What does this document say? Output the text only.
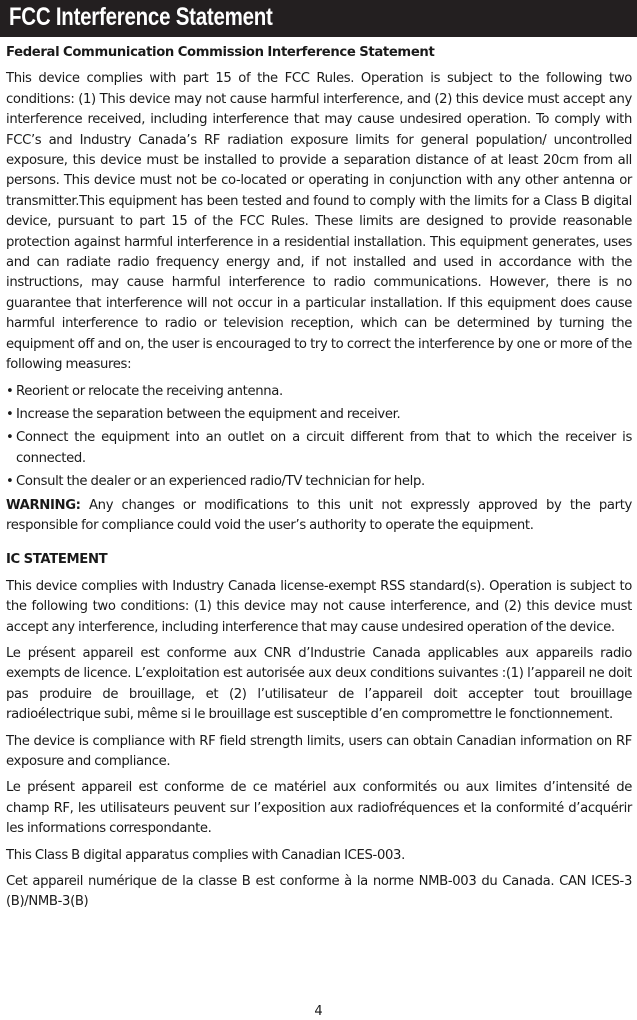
FCC Interference Statement
Federal Communication Commission Interference Statement

This device complies with part 15 of the FCC Rules. Operation is subject to the following two conditions: (1) This device may not cause harmful interference, and (2) this device must accept any interference received, including interference that may cause undesired operation. To comply with FCC’s and Industry Canada’s RF radiation exposure limits for general population/ uncontrolled exposure, this device must be installed to provide a separation distance of at least 20cm from all persons. This device must not be co-located or operating in conjunction with any other antenna or transmitter.This equipment has been tested and found to comply with the limits for a Class B digital device, pursuant to part 15 of the FCC Rules. These limits are designed to provide reasonable protection against harmful interference in a residential installation. This equipment generates, uses and can radiate radio frequency energy and, if not installed and used in accordance with the instructions, may cause harmful interference to radio communications. However, there is no guarantee that interference will not occur in a particular installation. If this equipment does cause harmful interference to radio or television reception, which can be determined by turning the equipment off and on, the user is encouraged to try to correct the interference by one or more of the following measures:

• Reorient or relocate the receiving antenna.
• Increase the separation between the equipment and receiver.
• Connect the equipment into an outlet on a circuit different from that to which the receiver is connected.
• Consult the dealer or an experienced radio/TV technician for help.

WARNING: Any changes or modifications to this unit not expressly approved by the party responsible for compliance could void the user’s authority to operate the equipment.

IC STATEMENT

This device complies with Industry Canada license-exempt RSS standard(s). Operation is subject to the following two conditions: (1) this device may not cause interference, and (2) this device must accept any interference, including interference that may cause undesired operation of the device.

Le présent appareil est conforme aux CNR d’Industrie Canada applicables aux appareils radio exempts de licence. L’exploitation est autorisée aux deux conditions suivantes :(1) l’appareil ne doit pas produire de brouillage, et (2) l’utilisateur de l’appareil doit accepter tout brouillage radioélectrique subi, même si le brouillage est susceptible d’en compromettre le fonctionnement.

The device is compliance with RF field strength limits, users can obtain Canadian information on RF exposure and compliance.

Le présent appareil est conforme de ce matériel aux conformités ou aux limites d’intensité de champ RF, les utilisateurs peuvent sur l’exposition aux radiofréquences et la conformité d’acquérir les informations correspondante.

This Class B digital apparatus complies with Canadian ICES-003.

Cet appareil numérique de la classe B est conforme à la norme NMB-003 du Canada. CAN ICES-3 (B)/NMB-3(B)

4
